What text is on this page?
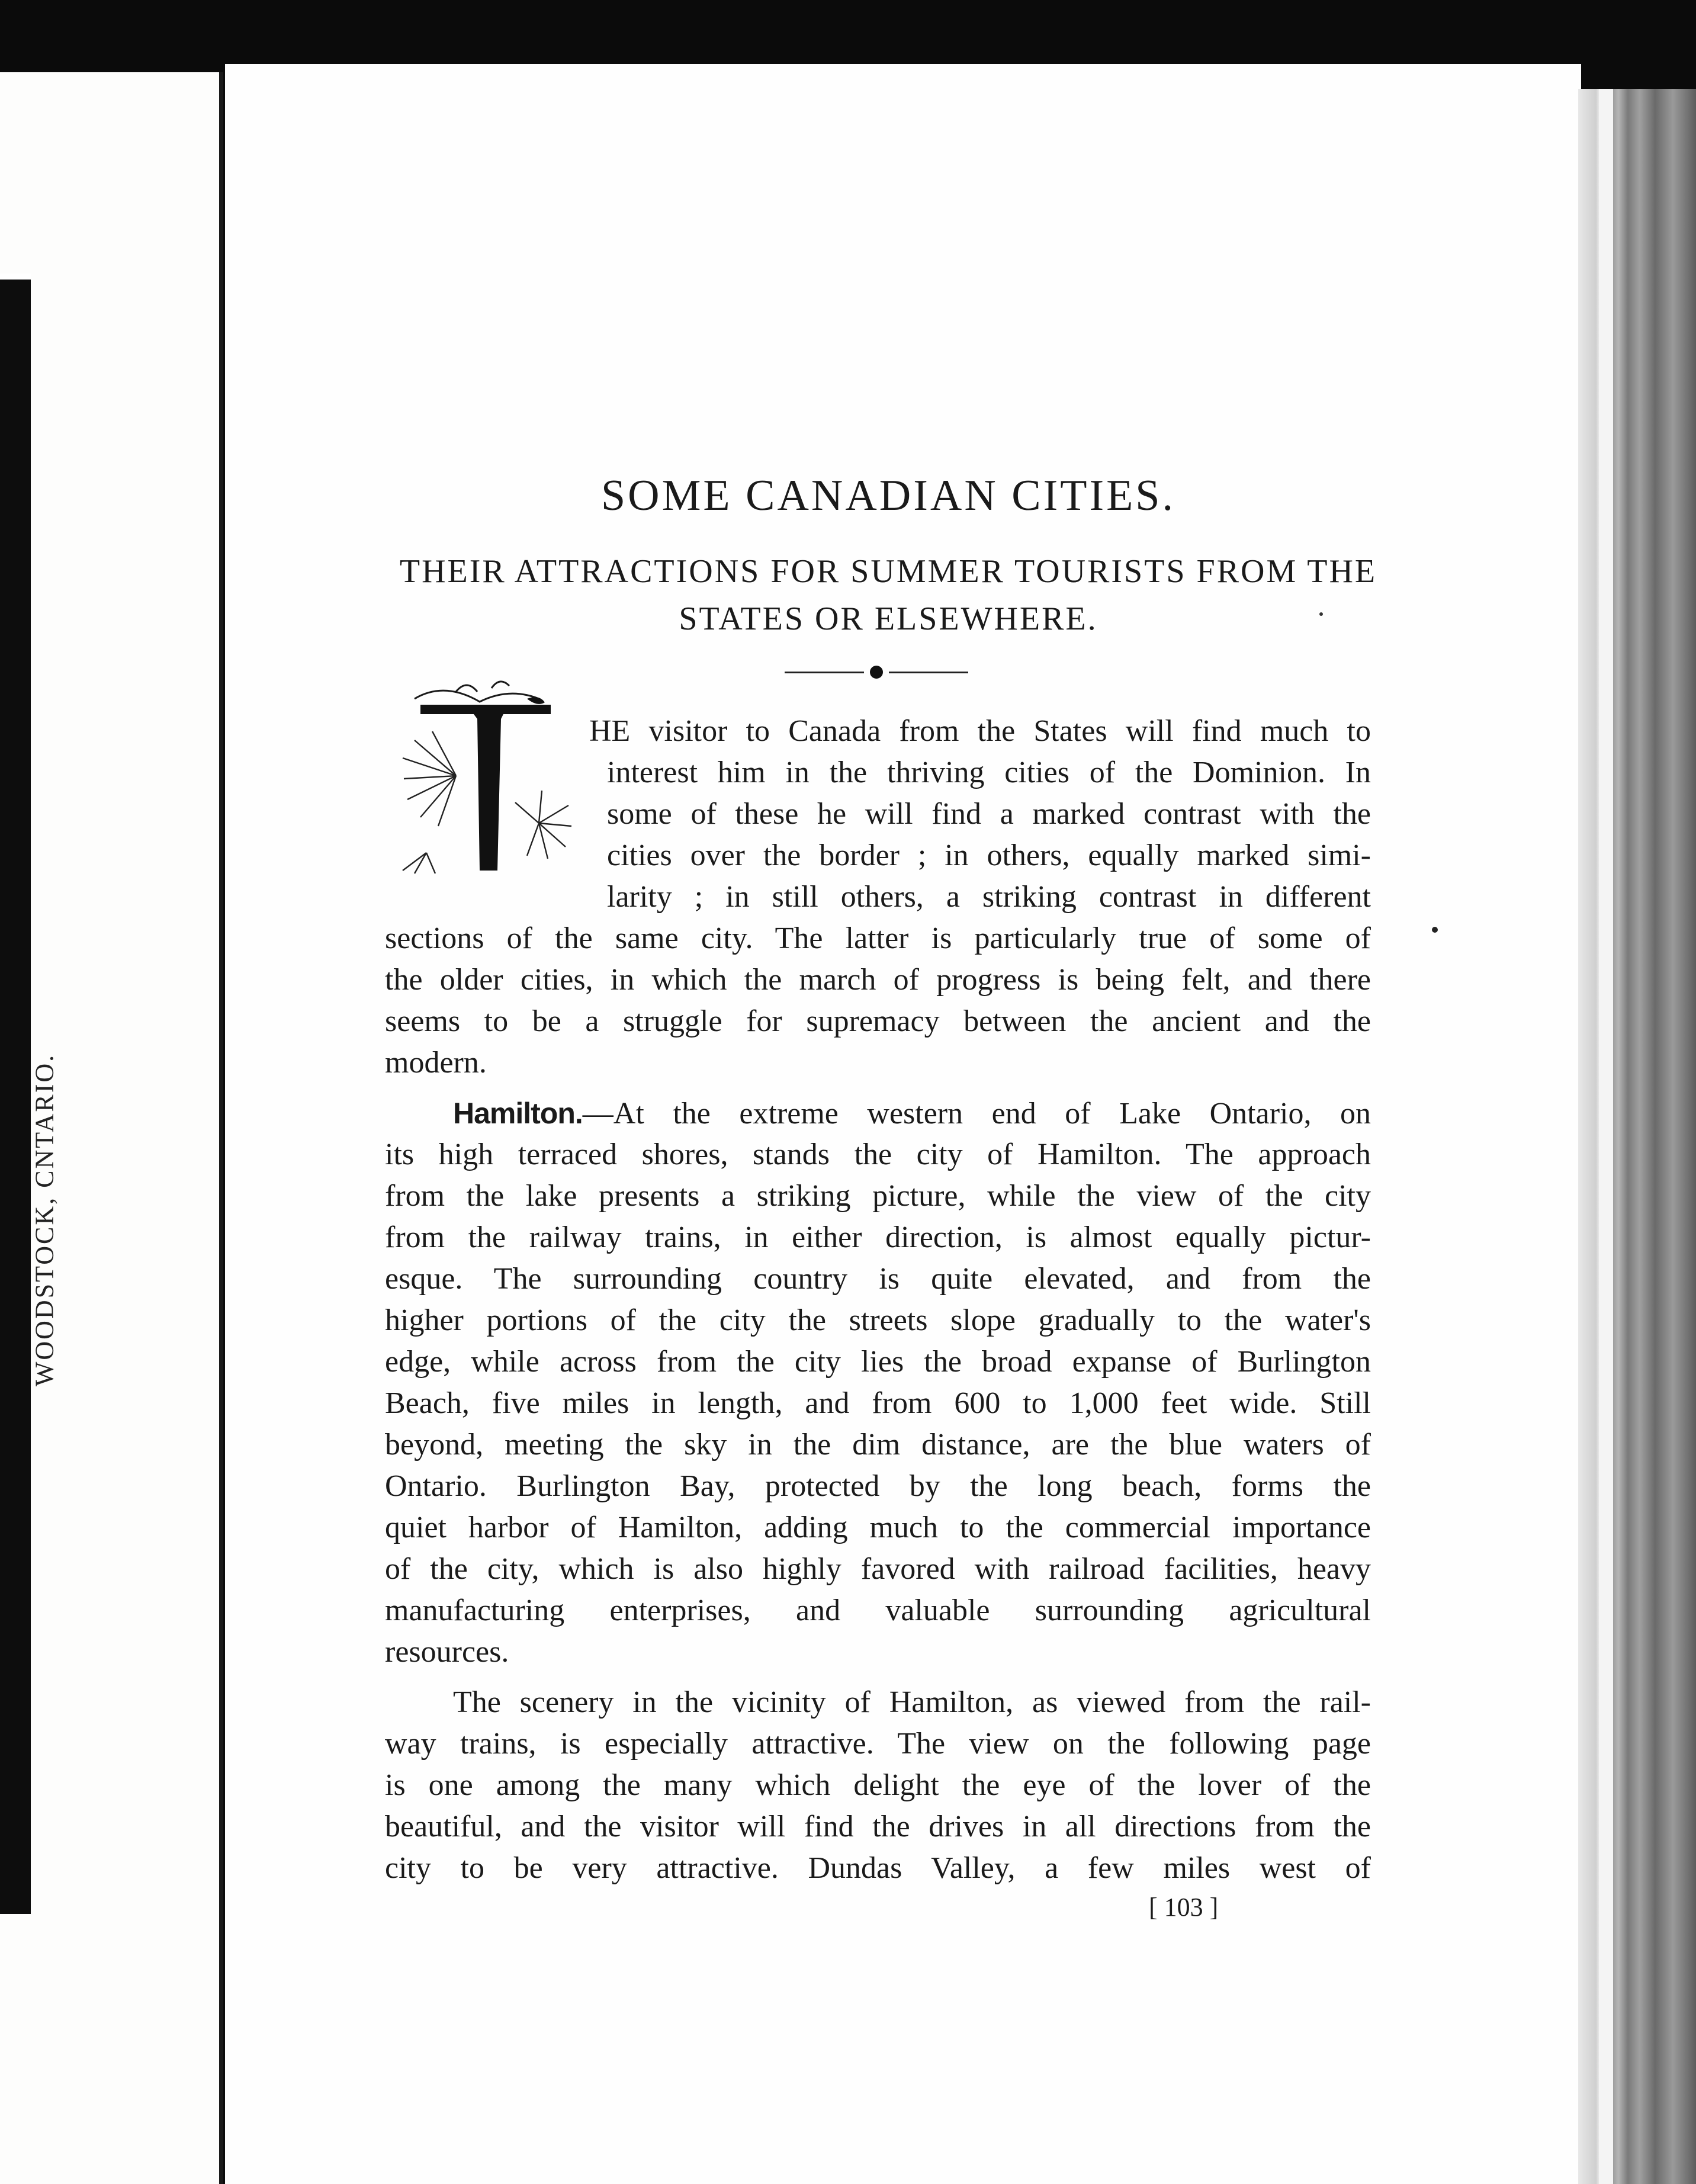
WOODSTOCK, CNTARIO.
SOME CANADIAN CITIES.
THEIR ATTRACTIONS FOR SUMMER TOURISTS FROM THE
STATES OR ELSEWHERE.
HE visitor to Canada from the States will find much to
interest him in the thriving cities of the Dominion. In
some of these he will find a marked contrast with the
cities over the border ; in others, equally marked simi-
larity ; in still others, a striking contrast in different
sections of the same city. The latter is particularly true of some of
the older cities, in which the march of progress is being felt, and there
seems to be a struggle for supremacy between the ancient and the
modern.
Hamilton.—At the extreme western end of Lake Ontario, on
its high terraced shores, stands the city of Hamilton. The approach
from the lake presents a striking picture, while the view of the city
from the railway trains, in either direction, is almost equally pictur-
esque. The surrounding country is quite elevated, and from the
higher portions of the city the streets slope gradually to the water's
edge, while across from the city lies the broad expanse of Burlington
Beach, five miles in length, and from 600 to 1,000 feet wide. Still
beyond, meeting the sky in the dim distance, are the blue waters of
Ontario. Burlington Bay, protected by the long beach, forms the
quiet harbor of Hamilton, adding much to the commercial importance
of the city, which is also highly favored with railroad facilities, heavy
manufacturing enterprises, and valuable surrounding agricultural
resources.
The scenery in the vicinity of Hamilton, as viewed from the rail-
way trains, is especially attractive. The view on the following page
is one among the many which delight the eye of the lover of the
beautiful, and the visitor will find the drives in all directions from the
city to be very attractive. Dundas Valley, a few miles west of
[ 103 ]
